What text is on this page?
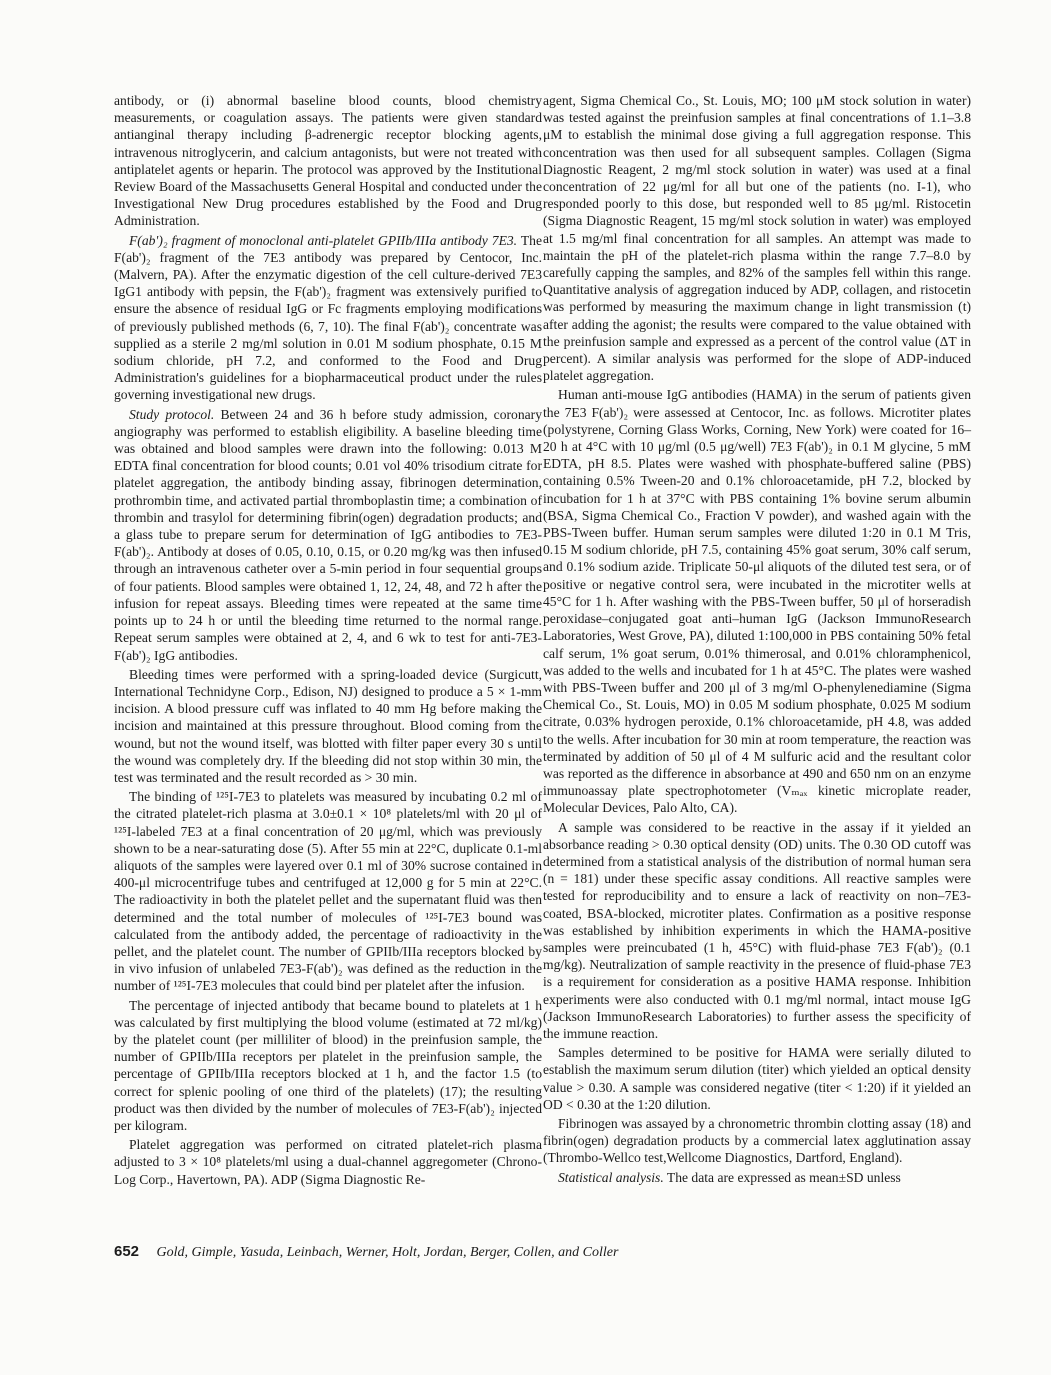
antibody, or (i) abnormal baseline blood counts, blood chemistry measurements, or coagulation assays. The patients were given standard antianginal therapy including β-adrenergic receptor blocking agents, intravenous nitroglycerin, and calcium antagonists, but were not treated with antiplatelet agents or heparin. The protocol was approved by the Institutional Review Board of the Massachusetts General Hospital and conducted under the Investigational New Drug procedures established by the Food and Drug Administration.

F(ab')₂ fragment of monoclonal anti-platelet GPIIb/IIIa antibody 7E3. The F(ab')₂ fragment of the 7E3 antibody was prepared by Centocor, Inc. (Malvern, PA). After the enzymatic digestion of the cell culture-derived 7E3 IgG1 antibody with pepsin, the F(ab')₂ fragment was extensively purified to ensure the absence of residual IgG or Fc fragments employing modifications of previously published methods (6, 7, 10). The final F(ab')₂ concentrate was supplied as a sterile 2 mg/ml solution in 0.01 M sodium phosphate, 0.15 M sodium chloride, pH 7.2, and conformed to the Food and Drug Administration's guidelines for a biopharmaceutical product under the rules governing investigational new drugs.

Study protocol. Between 24 and 36 h before study admission, coronary angiography was performed to establish eligibility. A baseline bleeding time was obtained and blood samples were drawn into the following: 0.013 M EDTA final concentration for blood counts; 0.01 vol 40% trisodium citrate for platelet aggregation, the antibody binding assay, fibrinogen determination, prothrombin time, and activated partial thromboplastin time; a combination of thrombin and trasylol for determining fibrin(ogen) degradation products; and a glass tube to prepare serum for determination of IgG antibodies to 7E3-F(ab')₂. Antibody at doses of 0.05, 0.10, 0.15, or 0.20 mg/kg was then infused through an intravenous catheter over a 5-min period in four sequential groups of four patients. Blood samples were obtained 1, 12, 24, 48, and 72 h after the infusion for repeat assays. Bleeding times were repeated at the same time points up to 24 h or until the bleeding time returned to the normal range. Repeat serum samples were obtained at 2, 4, and 6 wk to test for anti-7E3-F(ab')₂ IgG antibodies.

Bleeding times were performed with a spring-loaded device (Surgicutt, International Technidyne Corp., Edison, NJ) designed to produce a 5 × 1-mm incision. A blood pressure cuff was inflated to 40 mm Hg before making the incision and maintained at this pressure throughout. Blood coming from the wound, but not the wound itself, was blotted with filter paper every 30 s until the wound was completely dry. If the bleeding did not stop within 30 min, the test was terminated and the result recorded as > 30 min.

The binding of ¹²⁵I-7E3 to platelets was measured by incubating 0.2 ml of the citrated platelet-rich plasma at 3.0±0.1 × 10⁸ platelets/ml with 20 μl of ¹²⁵I-labeled 7E3 at a final concentration of 20 μg/ml, which was previously shown to be a near-saturating dose (5). After 55 min at 22°C, duplicate 0.1-ml aliquots of the samples were layered over 0.1 ml of 30% sucrose contained in 400-μl microcentrifuge tubes and centrifuged at 12,000 g for 5 min at 22°C. The radioactivity in both the platelet pellet and the supernatant fluid was then determined and the total number of molecules of ¹²⁵I-7E3 bound was calculated from the antibody added, the percentage of radioactivity in the pellet, and the platelet count. The number of GPIIb/IIIa receptors blocked by in vivo infusion of unlabeled 7E3-F(ab')₂ was defined as the reduction in the number of ¹²⁵I-7E3 molecules that could bind per platelet after the infusion.

The percentage of injected antibody that became bound to platelets at 1 h was calculated by first multiplying the blood volume (estimated at 72 ml/kg) by the platelet count (per milliliter of blood) in the preinfusion sample, the number of GPIIb/IIIa receptors per platelet in the preinfusion sample, the percentage of GPIIb/IIIa receptors blocked at 1 h, and the factor 1.5 (to correct for splenic pooling of one third of the platelets) (17); the resulting product was then divided by the number of molecules of 7E3-F(ab')₂ injected per kilogram.

Platelet aggregation was performed on citrated platelet-rich plasma adjusted to 3 × 10⁸ platelets/ml using a dual-channel aggregometer (Chrono-Log Corp., Havertown, PA). ADP (Sigma Diagnostic Re-

agent, Sigma Chemical Co., St. Louis, MO; 100 μM stock solution in water) was tested against the preinfusion samples at final concentrations of 1.1–3.8 μM to establish the minimal dose giving a full aggregation response. This concentration was then used for all subsequent samples. Collagen (Sigma Diagnostic Reagent, 2 mg/ml stock solution in water) was used at a final concentration of 22 μg/ml for all but one of the patients (no. I-1), who responded poorly to this dose, but responded well to 85 μg/ml. Ristocetin (Sigma Diagnostic Reagent, 15 mg/ml stock solution in water) was employed at 1.5 mg/ml final concentration for all samples. An attempt was made to maintain the pH of the platelet-rich plasma within the range 7.7–8.0 by carefully capping the samples, and 82% of the samples fell within this range. Quantitative analysis of aggregation induced by ADP, collagen, and ristocetin was performed by measuring the maximum change in light transmission (t) after adding the agonist; the results were compared to the value obtained with the preinfusion sample and expressed as a percent of the control value (ΔT in percent). A similar analysis was performed for the slope of ADP-induced platelet aggregation.

Human anti-mouse IgG antibodies (HAMA) in the serum of patients given the 7E3 F(ab')₂ were assessed at Centocor, Inc. as follows. Microtiter plates (polystyrene, Corning Glass Works, Corning, New York) were coated for 16–20 h at 4°C with 10 μg/ml (0.5 μg/well) 7E3 F(ab')₂ in 0.1 M glycine, 5 mM EDTA, pH 8.5. Plates were washed with phosphate-buffered saline (PBS) containing 0.5% Tween-20 and 0.1% chloroacetamide, pH 7.2, blocked by incubation for 1 h at 37°C with PBS containing 1% bovine serum albumin (BSA, Sigma Chemical Co., Fraction V powder), and washed again with the PBS-Tween buffer. Human serum samples were diluted 1:20 in 0.1 M Tris, 0.15 M sodium chloride, pH 7.5, containing 45% goat serum, 30% calf serum, and 0.1% sodium azide. Triplicate 50-μl aliquots of the diluted test sera, or of positive or negative control sera, were incubated in the microtiter wells at 45°C for 1 h. After washing with the PBS-Tween buffer, 50 μl of horseradish peroxidase–conjugated goat anti–human IgG (Jackson ImmunoResearch Laboratories, West Grove, PA), diluted 1:100,000 in PBS containing 50% fetal calf serum, 1% goat serum, 0.01% thimerosal, and 0.01% chloramphenicol, was added to the wells and incubated for 1 h at 45°C. The plates were washed with PBS-Tween buffer and 200 μl of 3 mg/ml O-phenylenediamine (Sigma Chemical Co., St. Louis, MO) in 0.05 M sodium phosphate, 0.025 M sodium citrate, 0.03% hydrogen peroxide, 0.1% chloroacetamide, pH 4.8, was added to the wells. After incubation for 30 min at room temperature, the reaction was terminated by addition of 50 μl of 4 M sulfuric acid and the resultant color was reported as the difference in absorbance at 490 and 650 nm on an enzyme immunoassay plate spectrophotometer (Vₘₐₓ kinetic microplate reader, Molecular Devices, Palo Alto, CA).

A sample was considered to be reactive in the assay if it yielded an absorbance reading > 0.30 optical density (OD) units. The 0.30 OD cutoff was determined from a statistical analysis of the distribution of normal human sera (n = 181) under these specific assay conditions. All reactive samples were tested for reproducibility and to ensure a lack of reactivity on non–7E3-coated, BSA-blocked, microtiter plates. Confirmation as a positive response was established by inhibition experiments in which the HAMA-positive samples were preincubated (1 h, 45°C) with fluid-phase 7E3 F(ab')₂ (0.1 mg/kg). Neutralization of sample reactivity in the presence of fluid-phase 7E3 is a requirement for consideration as a positive HAMA response. Inhibition experiments were also conducted with 0.1 mg/ml normal, intact mouse IgG (Jackson ImmunoResearch Laboratories) to further assess the specificity of the immune reaction.

Samples determined to be positive for HAMA were serially diluted to establish the maximum serum dilution (titer) which yielded an optical density value > 0.30. A sample was considered negative (titer < 1:20) if it yielded an OD < 0.30 at the 1:20 dilution.

Fibrinogen was assayed by a chronometric thrombin clotting assay (18) and fibrin(ogen) degradation products by a commercial latex agglutination assay (Thrombo-Wellco test,Wellcome Diagnostics, Dartford, England).

Statistical analysis. The data are expressed as mean±SD unless

652 Gold, Gimple, Yasuda, Leinbach, Werner, Holt, Jordan, Berger, Collen, and Coller
